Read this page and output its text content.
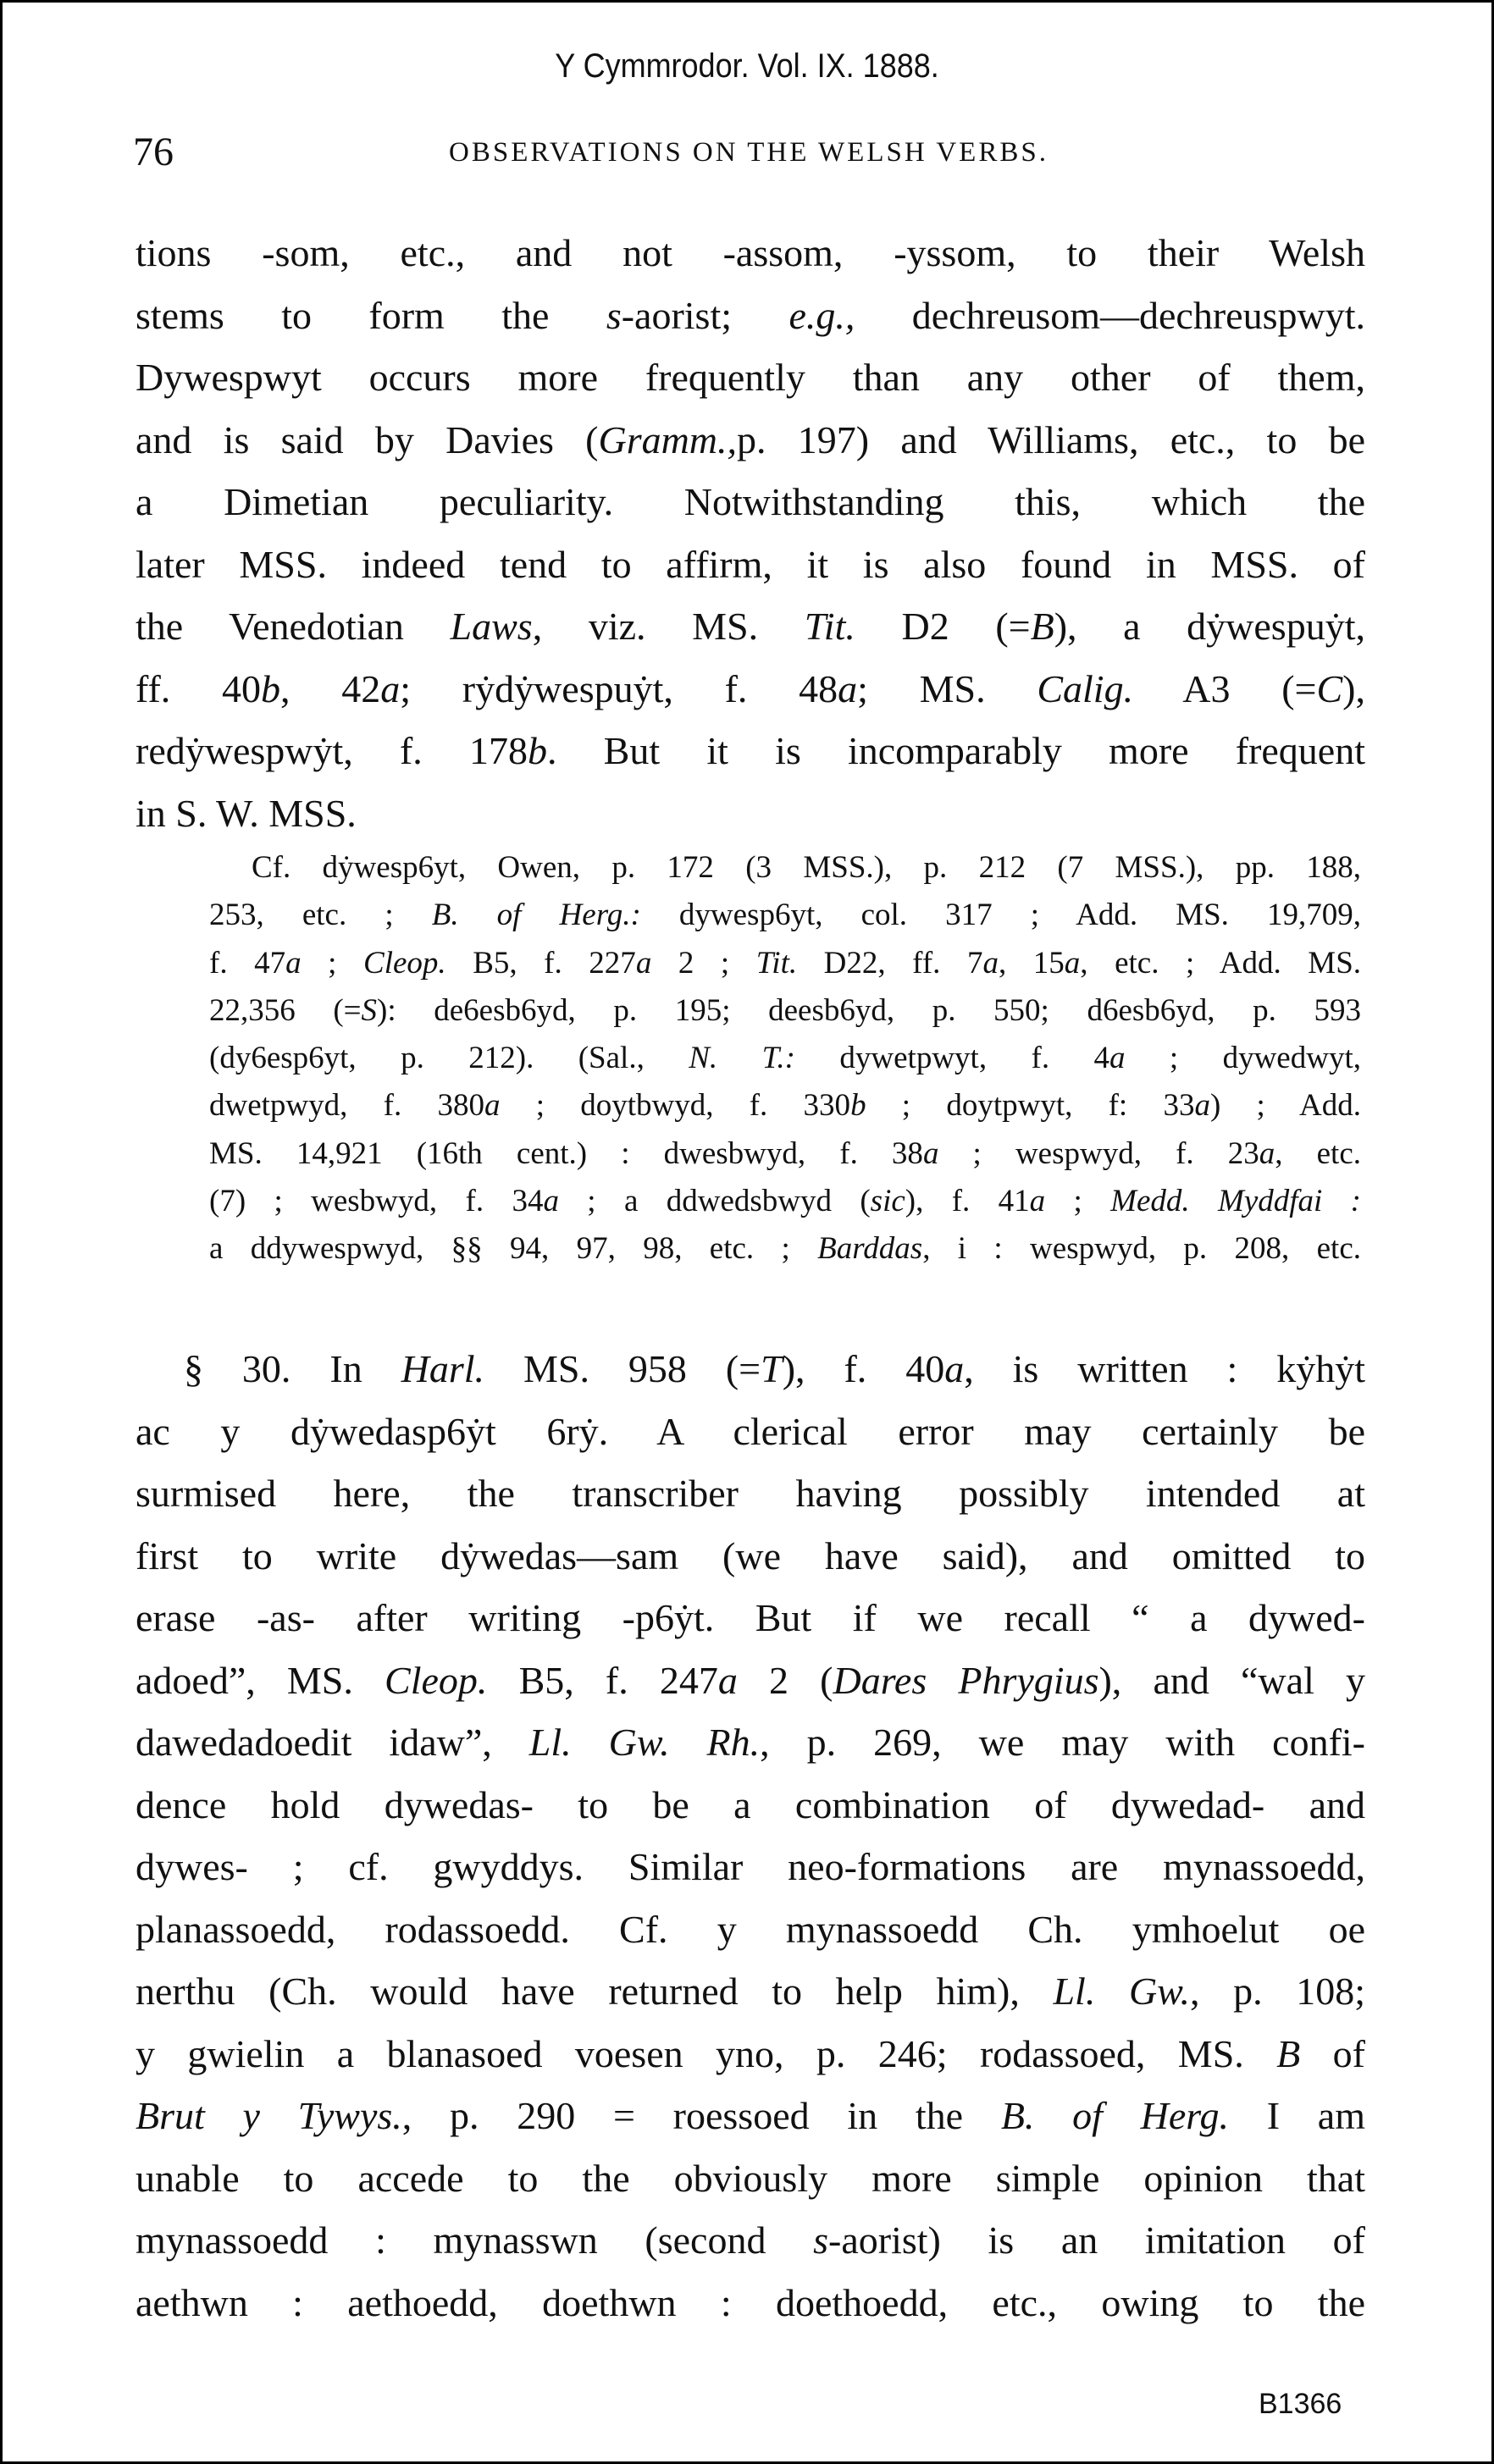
Y Cymmrodor. Vol. IX. 1888.
76	OBSERVATIONS ON THE WELSH VERBS.
tions -som, etc., and not -assom, -yssom, to their Welsh
stems to form the s-aorist; e.g., dechreusom—dechreuspwyt.
Dywespwyt occurs more frequently than any other of them,
and is said by Davies (Gramm.,p. 197) and Williams, etc., to be
a Dimetian peculiarity. Notwithstanding this, which the
later MSS. indeed tend to affirm, it is also found in MSS. of
the Venedotian Laws, viz. MS. Tit. D2 (=B), a dẏwespuẏt,
ff. 40b, 42a; rẏdẏwespuẏt, f. 48a; MS. Calig. A3 (=C),
redẏwespwẏt, f. 178b. But it is incomparably more frequent
in S. W. MSS.
Cf. dẏwesp6yt, Owen, p. 172 (3 MSS.), p. 212 (7 MSS.), pp. 188,
253, etc. ; B. of Herg.: dywesp6yt, col. 317 ; Add. MS. 19,709,
f. 47a ; Cleop. B5, f. 227a 2 ; Tit. D22, ff. 7a, 15a, etc. ; Add. MS.
22,356 (=S): de6esb6yd, p. 195; deesb6yd, p. 550; d6esb6yd, p. 593
(dy6esp6yt, p. 212). (Sal., N. T.: dywetpwyt, f. 4a ; dywedwyt,
dwetpwyd, f. 380a ; doytbwyd, f. 330b ; doytpwyt, f: 33a) ; Add.
MS. 14,921 (16th cent.) : dwesbwyd, f. 38a ; wespwyd, f. 23a, etc.
(7) ; wesbwyd, f. 34a ; a ddwedsbwyd (sic), f. 41a ; Medd. Myddfai :
a ddywespwyd, §§ 94, 97, 98, etc. ; Barddas, i : wespwyd, p. 208, etc.
§ 30. In Harl. MS. 958 (=T), f. 40a, is written : kẏhẏt
ac y dẏwedasp6ẏt 6rẏ. A clerical error may certainly be
surmised here, the transcriber having possibly intended at
first to write dẏwedas—sam (we have said), and omitted to
erase -as- after writing -p6ẏt. But if we recall “ a dywed-
adoed”, MS. Cleop. B5, f. 247a 2 (Dares Phrygius), and “wal y
dawedadoedit idaw”, Ll. Gw. Rh., p. 269, we may with confi-
dence hold dywedas- to be a combination of dywedad- and
dywes- ; cf. gwyddys. Similar neo-formations are mynassoedd,
planassoedd, rodassoedd. Cf. y mynassoedd Ch. ymhoelut oe
nerthu (Ch. would have returned to help him), Ll. Gw., p. 108;
y gwielin a blanasoed voesen yno, p. 246; rodassoed, MS. B of
Brut y Tywys., p. 290 = roessoed in the B. of Herg. I am
unable to accede to the obviously more simple opinion that
mynassoedd : mynasswn (second s-aorist) is an imitation of
aethwn : aethoedd, doethwn : doethoedd, etc., owing to the
B1366
